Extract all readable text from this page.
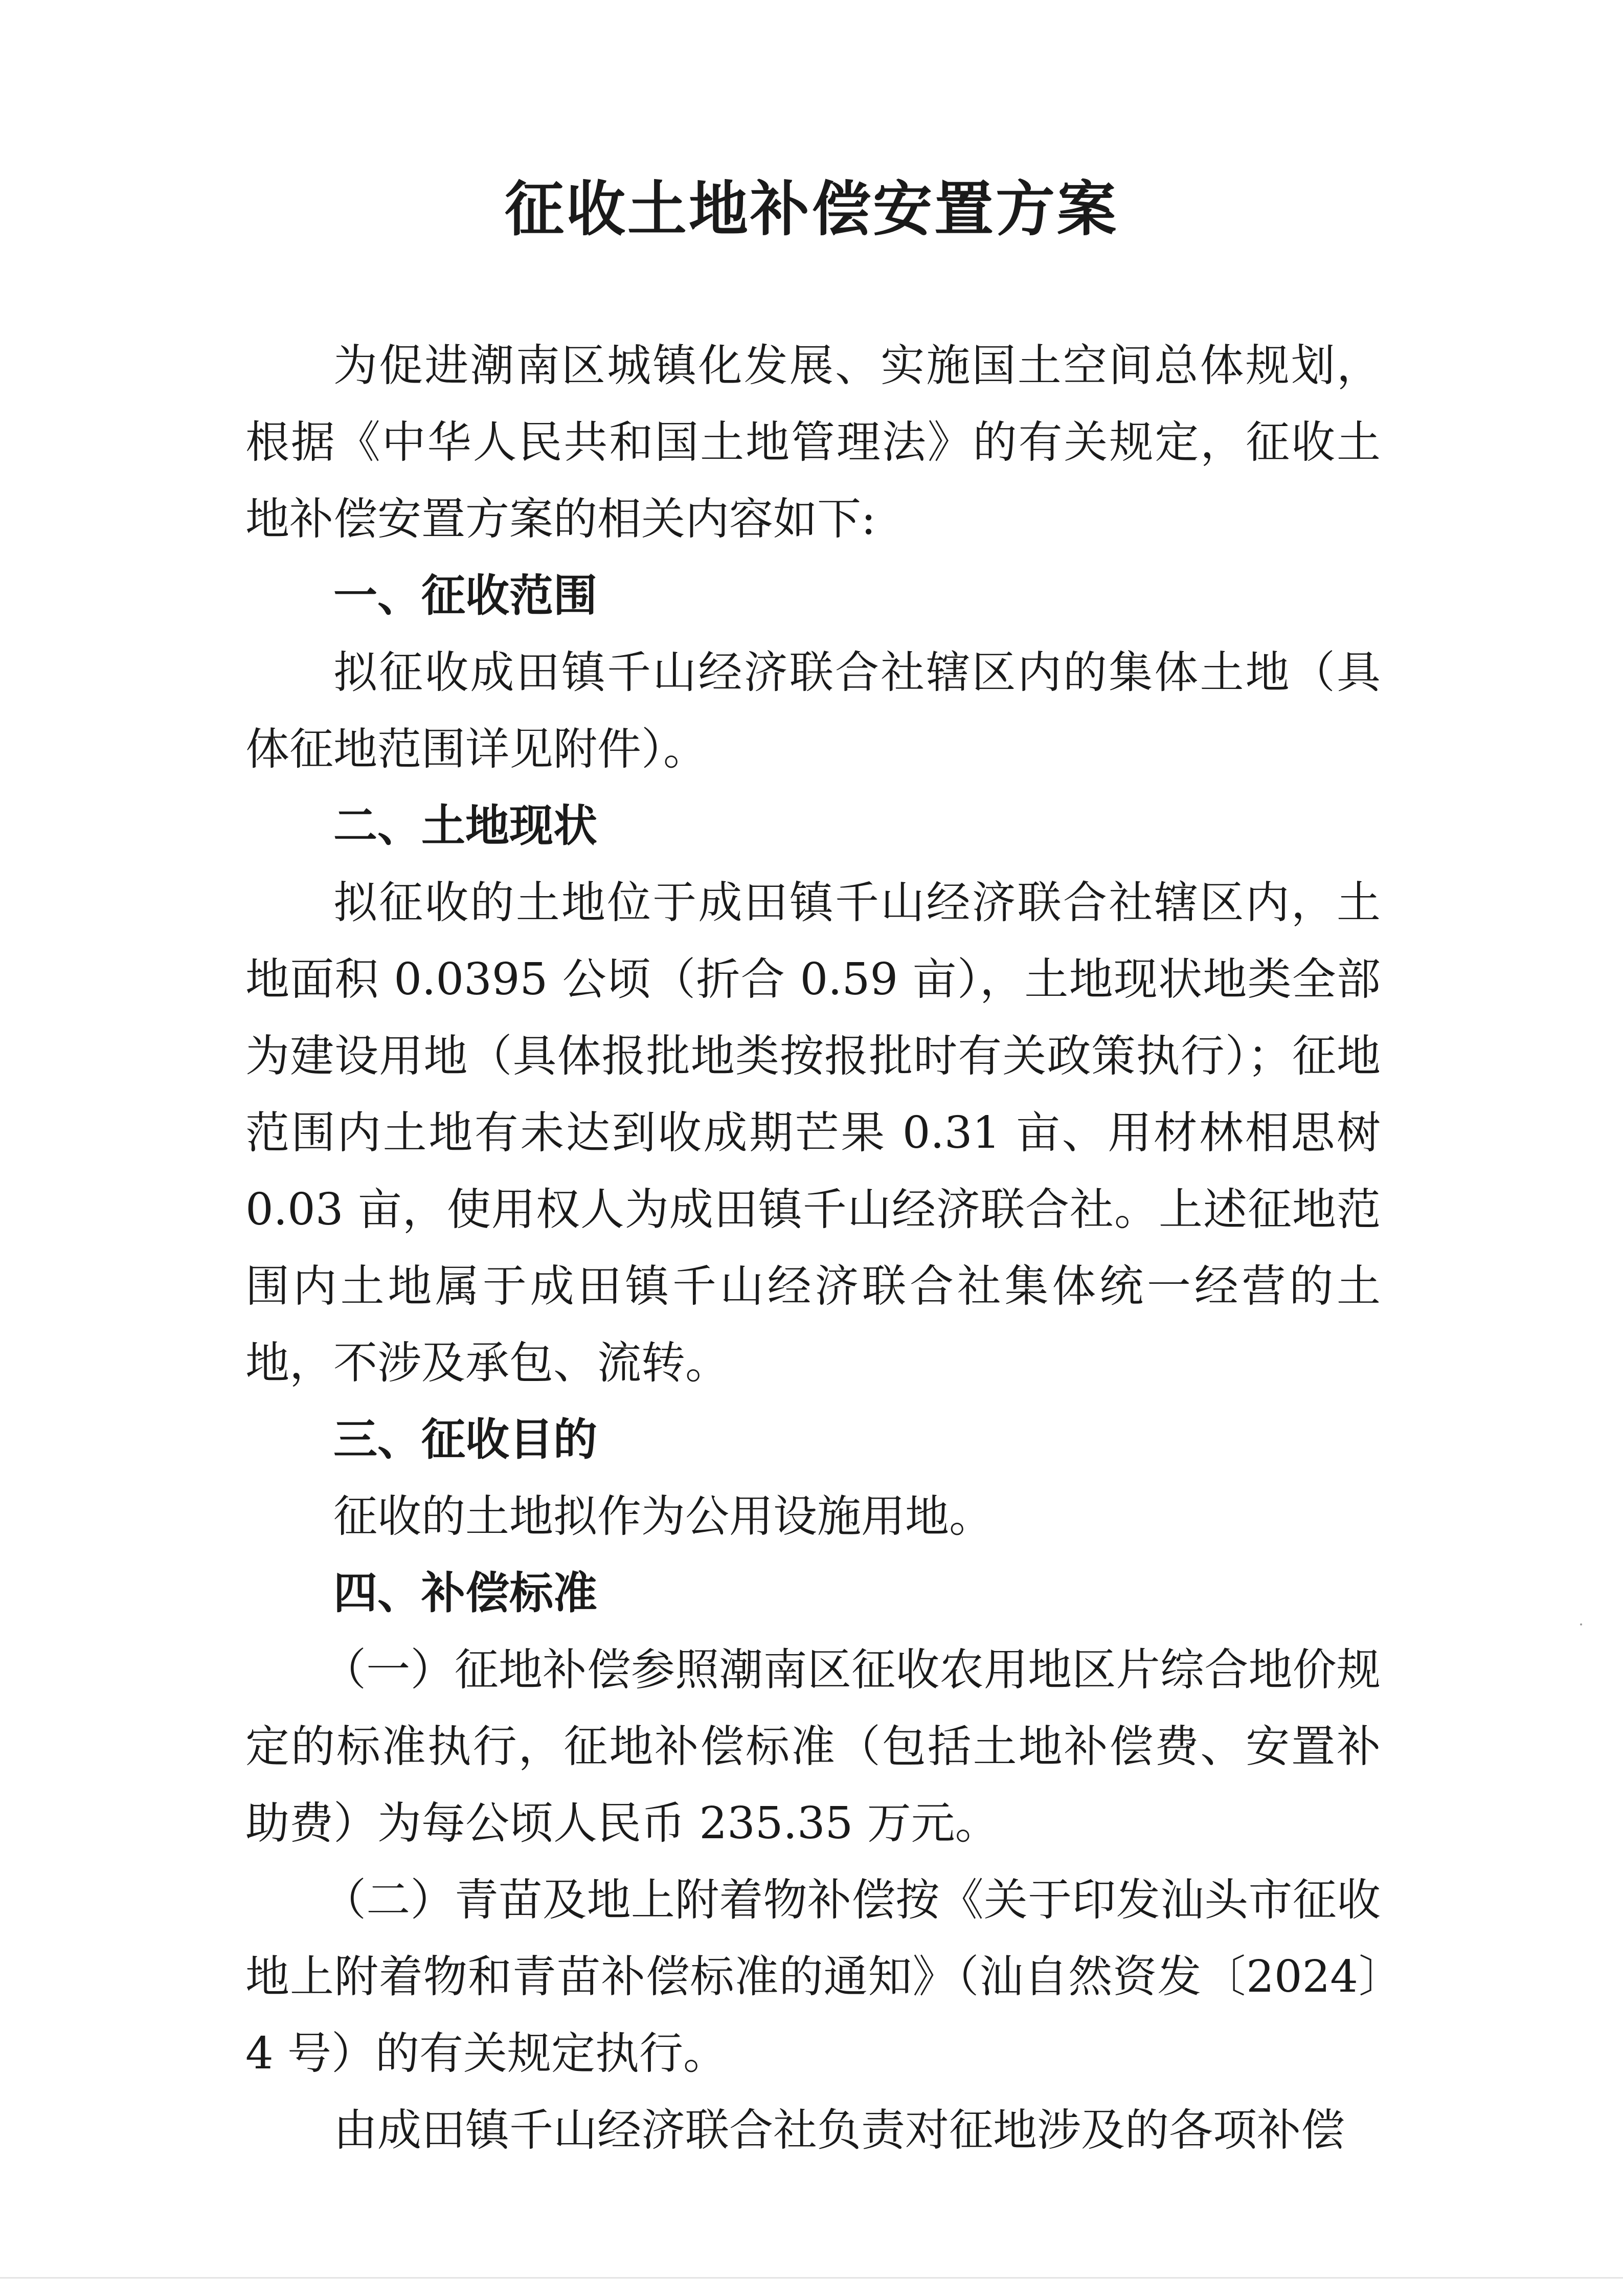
征收土地补偿安置方案

为促进潮南区城镇化发展、实施国土空间总体规划，根据《中华人民共和国土地管理法》的有关规定，征收土地补偿安置方案的相关内容如下:

一、征收范围

拟征收成田镇千山经济联合社辖区内的集体土地（具体征地范围详见附件）。

二、土地现状

拟征收的土地位于成田镇千山经济联合社辖区内，土地面积 0.0395 公顷（折合 0.59 亩），土地现状地类全部为建设用地（具体报批地类按报批时有关政策执行）；征地范围内土地有未达到收成期芒果 0.31 亩、用材林相思树 0.03 亩，使用权人为成田镇千山经济联合社。上述征地范围内土地属于成田镇千山经济联合社集体统一经营的土地，不涉及承包、流转。

三、征收目的

征收的土地拟作为公用设施用地。

四、补偿标准

（一）征地补偿参照潮南区征收农用地区片综合地价规定的标准执行，征地补偿标准（包括土地补偿费、安置补助费）为每公顷人民币 235.35 万元。

（二）青苗及地上附着物补偿按《关于印发汕头市征收地上附着物和青苗补偿标准的通知》（汕自然资发〔2024〕4 号）的有关规定执行。

由成田镇千山经济联合社负责对征地涉及的各项补偿
